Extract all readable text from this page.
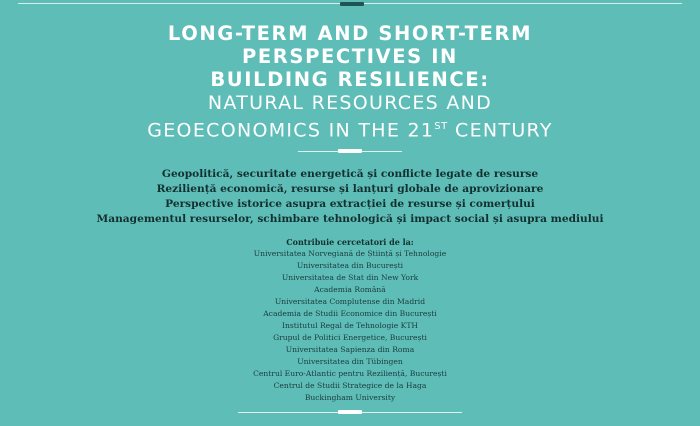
LONG-TERM AND SHORT-TERM
PERSPECTIVES IN
BUILDING RESILIENCE:
NATURAL RESOURCES AND
GEOECONOMICS IN THE 21ST CENTURY
Geopolitică, securitate energetică și conflicte legate de resurse
Reziliență economică, resurse și lanțuri globale de aprovizionare
Perspective istorice asupra extracției de resurse și comerțului
Managementul resurselor, schimbare tehnologică și impact social și asupra mediului
Contribuie cercetatori de la:
Universitatea Norvegiană de Știință și Tehnologie
Universitatea din București
Universitatea de Stat din New York
Academia Română
Universitatea Complutense din Madrid
Academia de Studii Economice din București
Institutul Regal de Tehnologie KTH
Grupul de Politici Energetice, București
Universitatea Sapienza din Roma
Universitatea din Tübingen
Centrul Euro-Atlantic pentru Reziliență, București
Centrul de Studii Strategice de la Haga
Buckingham University
